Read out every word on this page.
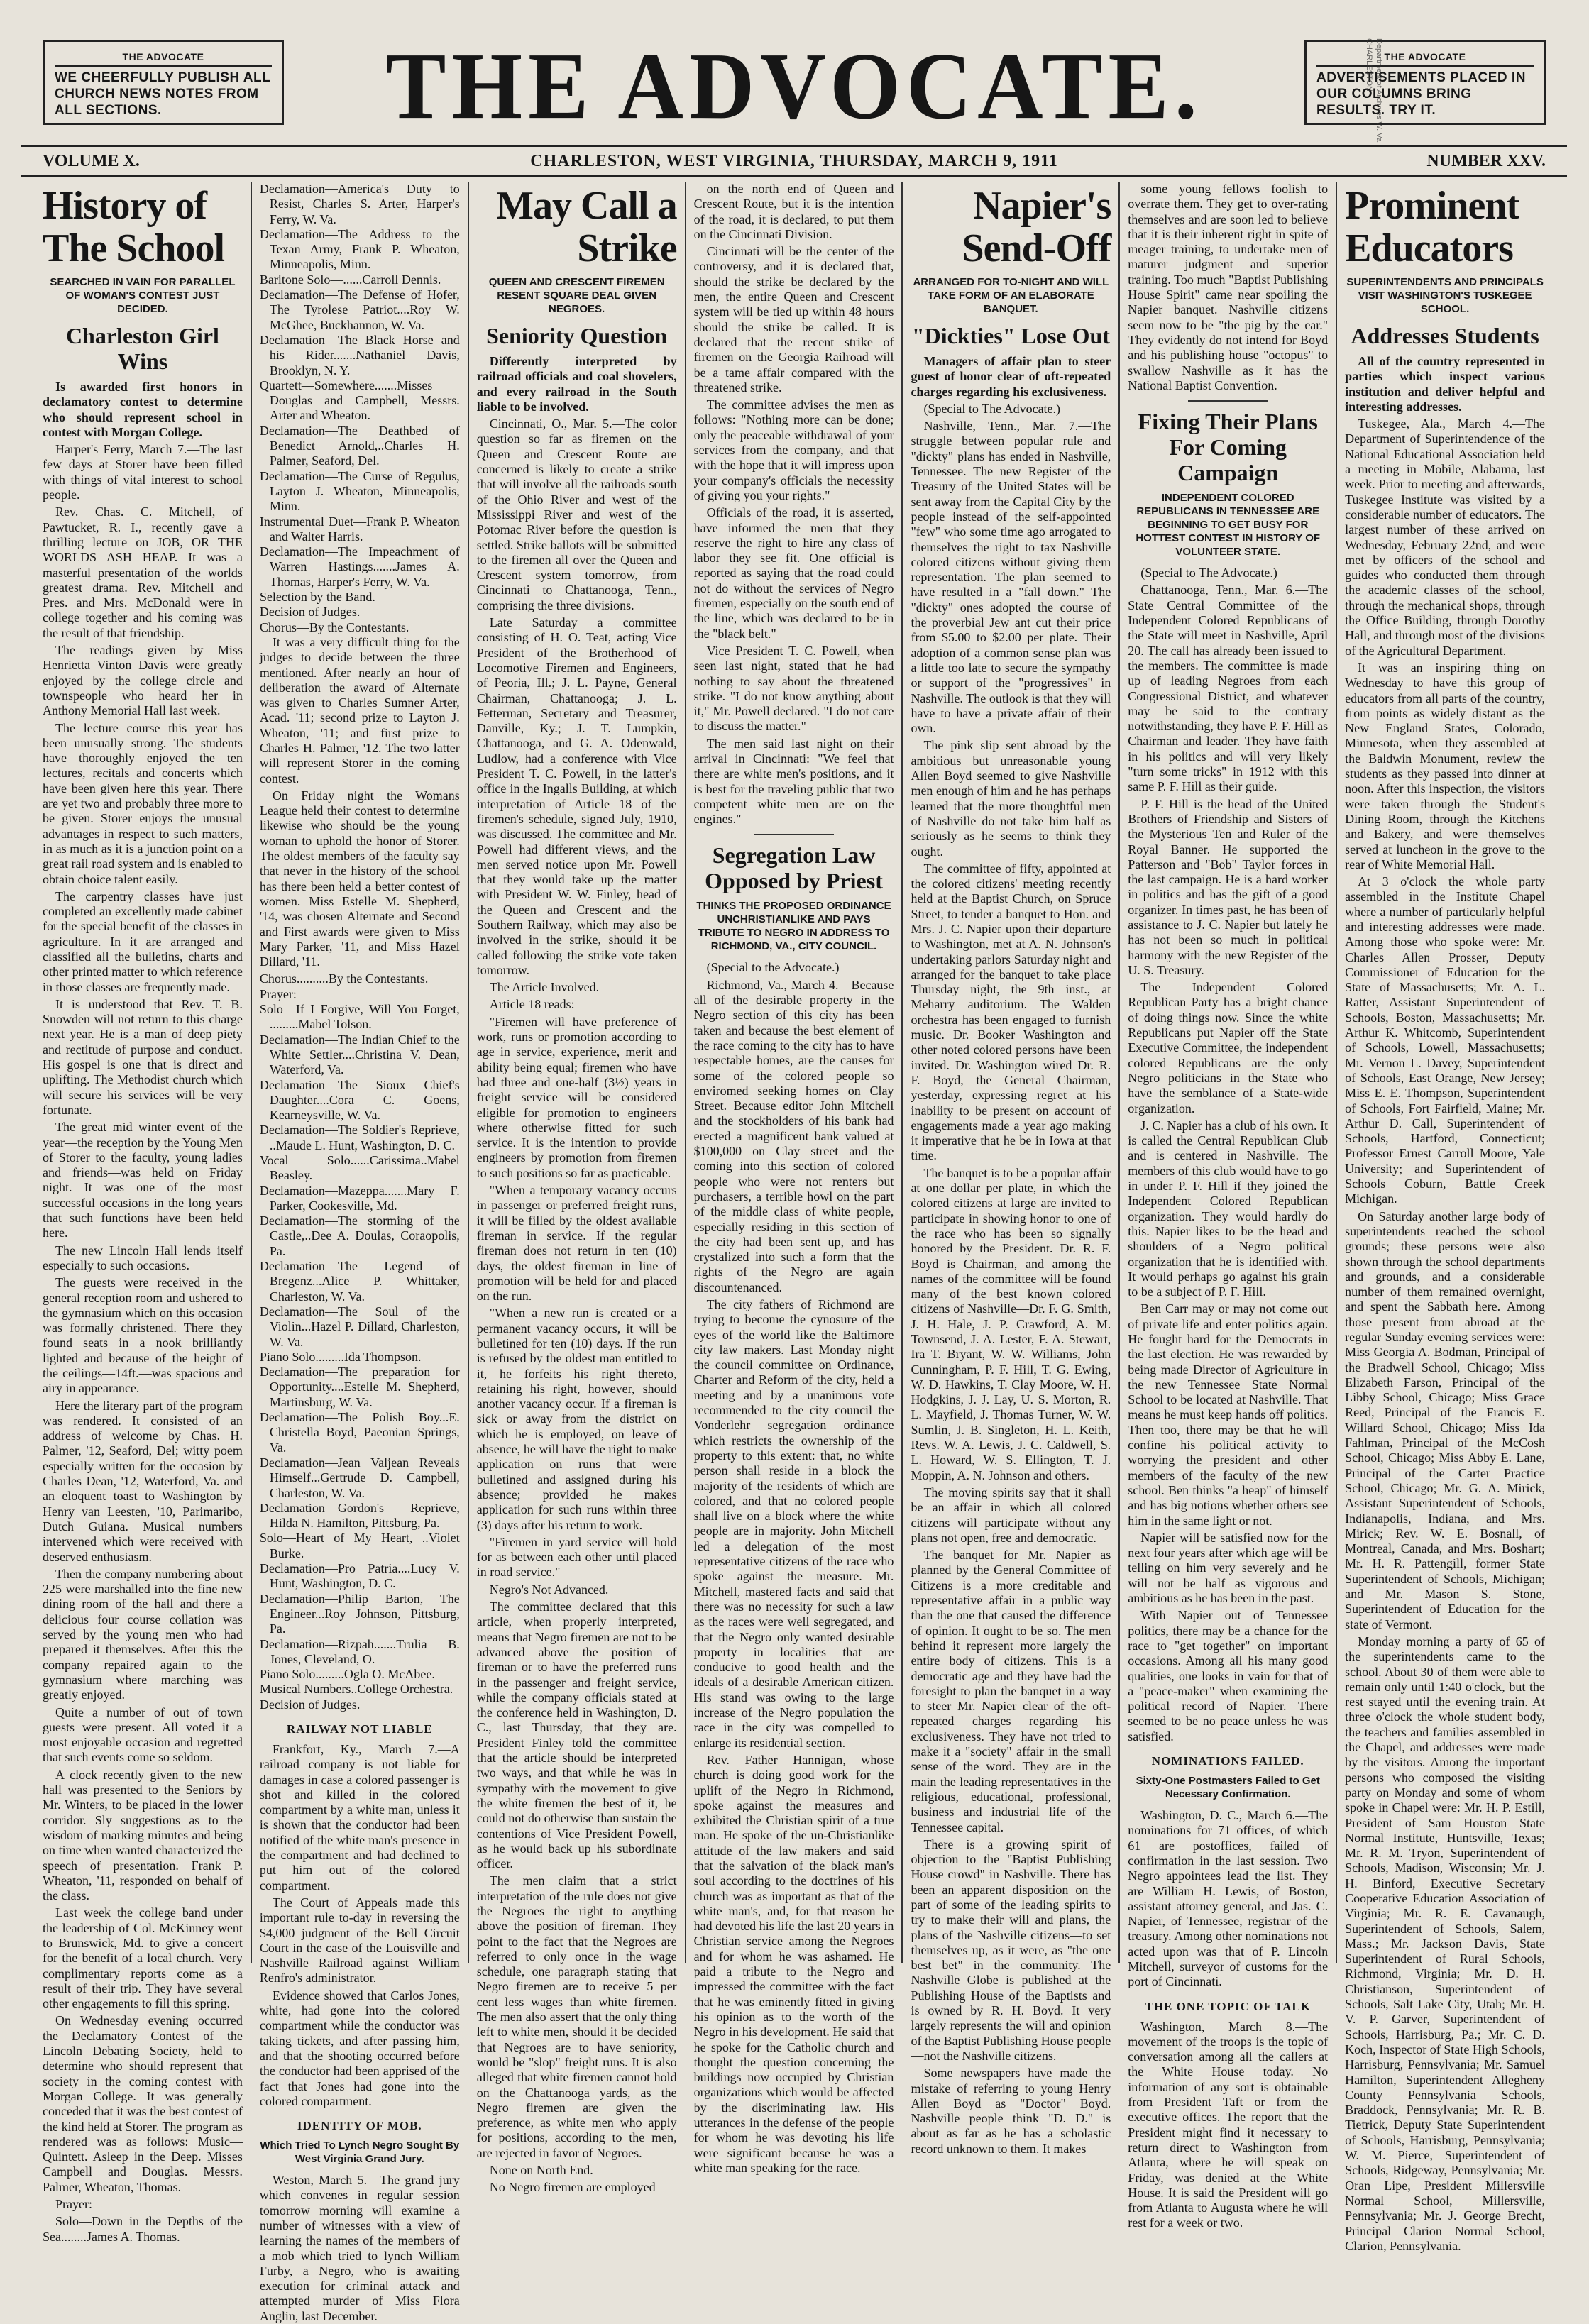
THE ADVOCATE
WE CHEERFULLY PUBLISH ALL CHURCH NEWS NOTES FROM ALL SECTIONS.	THE ADVOCATE.	THE ADVOCATE
ADVERTISEMENTS PLACED IN OUR COLUMNS BRING RESULTS. TRY IT.
Department of Archives W. Va. CHARLESTON
CHARLESTON, WEST VIRGINIA, THURSDAY, MARCH 9, 1911
VOLUME X.	NUMBER XXV.
History of The School
SEARCHED IN VAIN FOR PARALLEL OF WOMAN'S CONTEST JUST DECIDED.
Charleston Girl Wins

Is awarded first honors in declamatory contest to determine who should represent school in contest with Morgan College.

Harper's Ferry, March 7.—The last few days at Storer have been filled with things of vital interest to school people.

Rev. Chas. C. Mitchell, of Pawtucket, R. I., recently gave a thrilling lecture on JOB, OR THE WORLDS ASH HEAP. It was a masterful presentation of the worlds greatest drama. Rev. Mitchell and Pres. and Mrs. McDonald were in college together and his coming was the result of that friendship.

The readings given by Miss Henrietta Vinton Davis were greatly enjoyed by the college circle and townspeople who heard her in Anthony Memorial Hall last week.

The lecture course this year has been unusually strong. The students have thoroughly enjoyed the ten lectures, recitals and concerts which have been given here this year. There are yet two and probably three more to be given. Storer enjoys the unusual advantages in respect to such matters, in as much as it is a junction point on a great rail road system and is enabled to obtain choice talent easily.

The carpentry classes have just completed an excellently made cabinet for the special benefit of the classes in agriculture. In it are arranged and classified all the bulletins, charts and other printed matter to which reference in those classes are frequently made.

It is understood that Rev. T. B. Snowden will not return to this charge next year. He is a man of deep piety and rectitude of purpose and conduct. His gospel is one that is direct and uplifting. The Methodist church which will secure his services will be very fortunate.

The great mid winter event of the year—the reception by the Young Men of Storer to the faculty, young ladies and friends—was held on Friday night. It was one of the most successful occasions in the long years that such functions have been held here.

The new Lincoln Hall lends itself especially to such occasions.

The guests were received in the general reception room and ushered to the gymnasium which on this occasion was formally christened. There they found seats in a nook brilliantly lighted and because of the height of the ceilings—14ft.—was spacious and airy in appearance.

Here the literary part of the program was rendered. It consisted of an address of welcome by Chas. H. Palmer, '12, Seaford, Del; witty poem especially written for the occasion by Charles Dean, '12, Waterford, Va. and an eloquent toast to Washington by Henry van Leesten, '10, Parimaribo, Dutch Guiana. Musical numbers intervened which were received with deserved enthusiasm.

Then the company numbering about 225 were marshalled into the fine new dining room of the hall and there a delicious four course collation was served by the young men who had prepared it themselves. After this the company repaired again to the gymnasium where marching was greatly enjoyed.

Quite a number of out of town guests were present. All voted it a most enjoyable occasion and regretted that such events come so seldom.

A clock recently given to the new hall was presented to the Seniors by Mr. Winters, to be placed in the lower corridor. Sly suggestions as to the wisdom of marking minutes and being on time when wanted characterized the speech of presentation. Frank P. Wheaton, '11, responded on behalf of the class.

Last week the college band under the leadership of Col. McKinney went to Brunswick, Md. to give a concert for the benefit of a local church. Very complimentary reports come as a result of their trip. They have several other engagements to fill this spring.

On Wednesday evening occurred the Declamatory Contest of the Lincoln Debating Society, held to determine who should represent that society in the coming contest with Morgan College. It was generally conceded that it was the best contest of the kind held at Storer. The program as rendered was as follows: Music—Quintett. Asleep in the Deep. Misses Campbell and Douglas. Messrs. Palmer, Wheaton, Thomas.

Prayer:

Solo—Down in the Depths of the Sea........James A. Thomas.

Declamation—America's Duty to Resist, Charles S. Arter, Harper's Ferry, W. Va.

Declamation—The Address to the Texan Army, Frank P. Wheaton, Minneapolis, Minn.

Baritone Solo—......Carroll Dennis.

Declamation—The Defense of Hofer, The Tyrolese Patriot....Roy W. McGhee, Buckhannon, W. Va.

Declamation—The Black Horse and his Rider.......Nathaniel Davis, Brooklyn, N. Y.

Quartett—Somewhere.......Misses Douglas and Campbell, Messrs. Arter and Wheaton.

Declamation—The Deathbed of Benedict Arnold,..Charles H. Palmer, Seaford, Del.

Declamation—The Curse of Regulus, Layton J. Wheaton, Minneapolis, Minn.

Instrumental Duet—Frank P. Wheaton and Walter Harris.

Declamation—The Impeachment of Warren Hastings.......James A. Thomas, Harper's Ferry, W. Va.

Selection by the Band.

Decision of Judges.

Chorus—By the Contestants.

It was a very difficult thing for the judges to decide between the three mentioned. After nearly an hour of deliberation the award of Alternate was given to Charles Sumner Arter, Acad. '11; second prize to Layton J. Wheaton, '11; and first prize to Charles H. Palmer, '12. The two latter will represent Storer in the coming contest.

On Friday night the Womans League held their contest to determine likewise who should be the young woman to uphold the honor of Storer. The oldest members of the faculty say that never in the history of the school has there been held a better contest of women. Miss Estelle M. Shepherd, '14, was chosen Alternate and Second and First awards were given to Miss Mary Parker, '11, and Miss Hazel Dillard, '11.

Chorus..........By the Contestants.

Prayer:

Solo—If I Forgive, Will You Forget, .........Mabel Tolson.

Declamation—The Indian Chief to the White Settler....Christina V. Dean, Waterford, Va.

Declamation—The Sioux Chief's Daughter....Cora C. Goens, Kearneysville, W. Va.

Declamation—The Soldier's Reprieve, ..Maude L. Hunt, Washington, D. C.

Vocal Solo......Carissima..Mabel Beasley.

Declamation—Mazeppa.......Mary F. Parker, Cookesville, Md.

Declamation—The storming of the Castle,..Dee A. Doulas, Coraopolis, Pa.

Declamation—The Legend of Bregenz...Alice P. Whittaker, Charleston, W. Va.

Declamation—The Soul of the Violin...Hazel P. Dillard, Charleston, W. Va.

Piano Solo.........Ida Thompson.

Declamation—The preparation for Opportunity....Estelle M. Shepherd, Martinsburg, W. Va.

Declamation—The Polish Boy...E. Christella Boyd, Paeonian Springs, Va.

Declamation—Jean Valjean Reveals Himself...Gertrude D. Campbell, Charleston, W. Va.

Declamation—Gordon's Reprieve, Hilda N. Hamilton, Pittsburg, Pa.

Solo—Heart of My Heart, ..Violet Burke.

Declamation—Pro Patria....Lucy V. Hunt, Washington, D. C.

Declamation—Philip Barton, The Engineer...Roy Johnson, Pittsburg, Pa.

Declamation—Rizpah.......Trulia B. Jones, Cleveland, O.

Piano Solo.........Ogla O. McAbee.

Musical Numbers..College Orchestra.

Decision of Judges.

RAILWAY NOT LIABLE

Frankfort, Ky., March 7.—A railroad company is not liable for damages in case a colored passenger is shot and killed in the colored compartment by a white man, unless it is shown that the conductor had been notified of the white man's presence in the compartment and had declined to put him out of the colored compartment.

The Court of Appeals made this important rule to-day in reversing the $4,000 judgment of the Bell Circuit Court in the case of the Louisville and Nashville Railroad against William Renfro's administrator.

Evidence showed that Carlos Jones, white, had gone into the colored compartment while the conductor was taking tickets, and after passing him, and that the shooting occurred before the conductor had been apprised of the fact that Jones had gone into the colored compartment.

IDENTITY OF MOB.
Which Tried To Lynch Negro Sought By West Virginia Grand Jury.

Weston, March 5.—The grand jury which convenes in regular session tomorrow morning will examine a number of witnesses with a view of learning the names of the members of a mob which tried to lynch William Furby, a Negro, who is awaiting execution for criminal attack and attempted murder of Miss Flora Anglin, last December.

May Call a Strike
QUEEN AND CRESCENT FIREMEN RESENT SQUARE DEAL GIVEN NEGROES.
Seniority Question

Differently interpreted by railroad officials and coal shovelers, and every railroad in the South liable to be involved.

Cincinnati, O., Mar. 5.—The color question so far as firemen on the Queen and Crescent Route are concerned is likely to create a strike that will involve all the railroads south of the Ohio River and west of the Mississippi River and west of the Potomac River before the question is settled. Strike ballots will be submitted to the firemen all over the Queen and Crescent system tomorrow, from Cincinnati to Chattanooga, Tenn., comprising the three divisions.

Late Saturday a committee consisting of H. O. Teat, acting Vice President of the Brotherhood of Locomotive Firemen and Engineers, of Peoria, Ill.; J. L. Payne, General Chairman, Chattanooga; J. L. Fetterman, Secretary and Treasurer, Danville, Ky.; J. T. Lumpkin, Chattanooga, and G. A. Odenwald, Ludlow, had a conference with Vice President T. C. Powell, in the latter's office in the Ingalls Building, at which interpretation of Article 18 of the firemen's schedule, signed July, 1910, was discussed. The committee and Mr. Powell had different views, and the men served notice upon Mr. Powell that they would take up the matter with President W. W. Finley, head of the Queen and Crescent and the Southern Railway, which may also be involved in the strike, should it be called following the strike vote taken tomorrow.

The Article Involved.

Article 18 reads:

"Firemen will have preference of work, runs or promotion according to age in service, experience, merit and ability being equal; firemen who have had three and one-half (3½) years in freight service will be considered eligible for promotion to engineers where otherwise fitted for such service. It is the intention to provide engineers by promotion from firemen to such positions so far as practicable.

"When a temporary vacancy occurs in passenger or preferred freight runs, it will be filled by the oldest available fireman in service. If the regular fireman does not return in ten (10) days, the oldest fireman in line of promotion will be held for and placed on the run.

"When a new run is created or a permanent vacancy occurs, it will be bulletined for ten (10) days. If the run is refused by the oldest man entitled to it, he forfeits his right thereto, retaining his right, however, should another vacancy occur. If a fireman is sick or away from the district on which he is employed, on leave of absence, he will have the right to make application on runs that were bulletined and assigned during his absence; provided he makes application for such runs within three (3) days after his return to work.

"Firemen in yard service will hold for as between each other until placed in road service."

Negro's Not Advanced.

The committee declared that this article, when properly interpreted, means that Negro firemen are not to be advanced above the position of fireman or to have the preferred runs in the passenger and freight service, while the company officials stated at the conference held in Washington, D. C., last Thursday, that they are. President Finley told the committee that the article should be interpreted two ways, and that while he was in sympathy with the movement to give the white firemen the best of it, he could not do otherwise than sustain the contentions of Vice President Powell, as he would back up his subordinate officer.

The men claim that a strict interpretation of the rule does not give the Negroes the right to anything above the position of fireman. They point to the fact that the Negroes are referred to only once in the wage schedule, one paragraph stating that Negro firemen are to receive 5 per cent less wages than white firemen. The men also assert that the only thing left to white men, should it be decided that Negroes are to have seniority, would be "slop" freight runs. It is also alleged that white firemen cannot hold on the Chattanooga yards, as the Negro firemen are given the preference, as white men who apply for positions, according to the men, are rejected in favor of Negroes.

None on North End.

No Negro firemen are employed

on the north end of Queen and Crescent Route, but it is the intention of the road, it is declared, to put them on the Cincinnati Division.

Cincinnati will be the center of the controversy, and it is declared that, should the strike be declared by the men, the entire Queen and Crescent system will be tied up within 48 hours should the strike be called. It is declared that the recent strike of firemen on the Georgia Railroad will be a tame affair compared with the threatened strike.

The committee advises the men as follows: "Nothing more can be done; only the peaceable withdrawal of your services from the company, and that with the hope that it will impress upon your company's officials the necessity of giving you your rights."

Officials of the road, it is asserted, have informed the men that they reserve the right to hire any class of labor they see fit. One official is reported as saying that the road could not do without the services of Negro firemen, especially on the south end of the line, which was declared to be in the "black belt."

Vice President T. C. Powell, when seen last night, stated that he had nothing to say about the threatened strike. "I do not know anything about it," Mr. Powell declared. "I do not care to discuss the matter."

The men said last night on their arrival in Cincinnati: "We feel that there are white men's positions, and it is best for the traveling public that two competent white men are on the engines."

Segregation Law Opposed by Priest
THINKS THE PROPOSED ORDINANCE UNCHRISTIANLIKE AND PAYS TRIBUTE TO NEGRO IN ADDRESS TO RICHMOND, VA., CITY COUNCIL.

(Special to the Advocate.)

Richmond, Va., March 4.—Because all of the desirable property in the Negro section of this city has been taken and because the best element of the race coming to the city has to have respectable homes, are the causes for some of the colored people so enviromed seeking homes on Clay Street. Because editor John Mitchell and the stockholders of his bank had erected a magnificent bank valued at $100,000 on Clay street and the coming into this section of colored people who were not renters but purchasers, a terrible howl on the part of the middle class of white people, especially residing in this section of the city had been sent up, and has crystalized into such a form that the rights of the Negro are again discountenanced.

The city fathers of Richmond are trying to become the cynosure of the eyes of the world like the Baltimore city law makers. Last Monday night the council committee on Ordinance, Charter and Reform of the city, held a meeting and by a unanimous vote recommended to the city council the Vonderlehr segregation ordinance which restricts the ownership of the property to this extent: that, no white person shall reside in a block the majority of the residents of which are colored, and that no colored people shall live on a block where the white people are in majority. John Mitchell led a delegation of the most representative citizens of the race who spoke against the measure. Mr. Mitchell, mastered facts and said that there was no necessity for such a law as the races were well segregated, and that the Negro only wanted desirable property in localities that are conducive to good health and the ideals of a desirable American citizen. His stand was owing to the large increase of the Negro population the race in the city was compelled to enlarge its residential section.

Rev. Father Hannigan, whose church is doing good work for the uplift of the Negro in Richmond, spoke against the measures and exhibited the Christian spirit of a true man. He spoke of the un-Christianlike attitude of the law makers and said that the salvation of the black man's soul according to the doctrines of his church was as important as that of the white man's, and, for that reason he had devoted his life the last 20 years in Christian service among the Negroes and for whom he was ashamed. He paid a tribute to the Negro and impressed the committee with the fact that he was eminently fitted in giving his opinion as to the worth of the Negro in his development. He said that he spoke for the Catholic church and thought the question concerning the buildings now occupied by Christian organizations which would be affected by the discriminating law. His utterances in the defense of the people for whom he was devoting his life were significant because he was a white man speaking for the race.

Napier's Send-Off
ARRANGED FOR TO-NIGHT AND WILL TAKE FORM OF AN ELABORATE BANQUET.
"Dickties" Lose Out

Managers of affair plan to steer guest of honor clear of oft-repeated charges regarding his exclusiveness.

(Special to The Advocate.)

Nashville, Tenn., Mar. 7.—The struggle between popular rule and "dickty" plans has ended in Nashville, Tennessee. The new Register of the Treasury of the United States will be sent away from the Capital City by the people instead of the self-appointed "few" who some time ago arrogated to themselves the right to tax Nashville colored citizens without giving them representation. The plan seemed to have resulted in a "fall down." The "dickty" ones adopted the course of the proverbial Jew ant cut their price from $5.00 to $2.00 per plate. Their adoption of a common sense plan was a little too late to secure the sympathy or support of the "progressives" in Nashville. The outlook is that they will have to have a private affair of their own.

The pink slip sent abroad by the ambitious but unreasonable young Allen Boyd seemed to give Nashville men enough of him and he has perhaps learned that the more thoughtful men of Nashville do not take him half as seriously as he seems to think they ought.

The committee of fifty, appointed at the colored citizens' meeting recently held at the Baptist Church, on Spruce Street, to tender a banquet to Hon. and Mrs. J. C. Napier upon their departure to Washington, met at A. N. Johnson's undertaking parlors Saturday night and arranged for the banquet to take place Thursday night, the 9th inst., at Meharry auditorium. The Walden orchestra has been engaged to furnish music. Dr. Booker Washington and other noted colored persons have been invited. Dr. Washington wired Dr. R. F. Boyd, the General Chairman, yesterday, expressing regret at his inability to be present on account of engagements made a year ago making it imperative that he be in Iowa at that time.

The banquet is to be a popular affair at one dollar per plate, in which the colored citizens at large are invited to participate in showing honor to one of the race who has been so signally honored by the President. Dr. R. F. Boyd is Chairman, and among the names of the committee will be found many of the best known colored citizens of Nashville—Dr. F. G. Smith, J. H. Hale, J. P. Crawford, A. M. Townsend, J. A. Lester, F. A. Stewart, Ira T. Bryant, W. W. Williams, John Cunningham, P. F. Hill, T. G. Ewing, W. D. Hawkins, T. Clay Moore, W. H. Hodgkins, J. J. Lay, U. S. Morton, R. L. Mayfield, J. Thomas Turner, W. W. Sumlin, J. B. Singleton, H. L. Keith, Revs. W. A. Lewis, J. C. Caldwell, S. L. Howard, W. S. Ellington, T. J. Moppin, A. N. Johnson and others.

The moving spirits say that it shall be an affair in which all colored citizens will participate without any plans not open, free and democratic.

The banquet for Mr. Napier as planned by the General Committee of Citizens is a more creditable and representative affair in a public way than the one that caused the difference of opinion. It ought to be so. The men behind it represent more largely the entire body of citizens. This is a democratic age and they have had the foresight to plan the banquet in a way to steer Mr. Napier clear of the oft-repeated charges regarding his exclusiveness. They have not tried to make it a "society" affair in the small sense of the word. They are in the main the leading representatives in the religious, educational, professional, business and industrial life of the Tennessee capital.

There is a growing spirit of objection to the "Baptist Publishing House crowd" in Nashville. There has been an apparent disposition on the part of some of the leading spirits to try to make their will and plans, the plans of the Nashville citizens—to set themselves up, as it were, as "the one best bet" in the community. The Nashville Globe is published at the Publishing House of the Baptists and is owned by R. H. Boyd. It very largely represents the will and opinion of the Baptist Publishing House people—not the Nashville citizens.

Some newspapers have made the mistake of referring to young Henry Allen Boyd as "Doctor" Boyd. Nashville people think "D. D." is about as far as he has a scholastic record unknown to them. It makes

some young fellows foolish to overrate them. They get to over-rating themselves and are soon led to believe that it is their inherent right in spite of meager training, to undertake men of maturer judgment and superior training. Too much "Baptist Publishing House Spirit" came near spoiling the Napier banquet. Nashville citizens seem now to be "the pig by the ear." They evidently do not intend for Boyd and his publishing house "octopus" to swallow Nashville as it has the National Baptist Convention.

Fixing Their Plans For Coming Campaign
INDEPENDENT COLORED REPUBLICANS IN TENNESSEE ARE BEGINNING TO GET BUSY FOR HOTTEST CONTEST IN HISTORY OF VOLUNTEER STATE.

(Special to The Advocate.)

Chattanooga, Tenn., Mar. 6.—The State Central Committee of the Independent Colored Republicans of the State will meet in Nashville, April 20. The call has already been issued to the members. The committee is made up of leading Negroes from each Congressional District, and whatever may be said to the contrary notwithstanding, they have P. F. Hill as Chairman and leader. They have faith in his politics and will very likely "turn some tricks" in 1912 with this same P. F. Hill as their guide.

P. F. Hill is the head of the United Brothers of Friendship and Sisters of the Mysterious Ten and Ruler of the Royal Banner. He supported the Patterson and "Bob" Taylor forces in the last campaign. He is a hard worker in politics and has the gift of a good organizer. In times past, he has been of assistance to J. C. Napier but lately he has not been so much in political harmony with the new Register of the U. S. Treasury.

The Independent Colored Republican Party has a bright chance of doing things now. Since the white Republicans put Napier off the State Executive Committee, the independent colored Republicans are the only Negro politicians in the State who have the semblance of a State-wide organization.

J. C. Napier has a club of his own. It is called the Central Republican Club and is centered in Nashville. The members of this club would have to go in under P. F. Hill if they joined the Independent Colored Republican organization. They would hardly do this. Napier likes to be the head and shoulders of a Negro political organization that he is identified with. It would perhaps go against his grain to be a subject of P. F. Hill.

Ben Carr may or may not come out of private life and enter politics again. He fought hard for the Democrats in the last election. He was rewarded by being made Director of Agriculture in the new Tennessee State Normal School to be located at Nashville. That means he must keep hands off politics. Then too, there may be that he will confine his political activity to worrying the president and other members of the faculty of the new school. Ben thinks "a heap" of himself and has big notions whether others see him in the same light or not.

Napier will be satisfied now for the next four years after which age will be telling on him very severely and he will not be half as vigorous and ambitious as he has been in the past.

With Napier out of Tennessee politics, there may be a chance for the race to "get together" on important occasions. Among all his many good qualities, one looks in vain for that of a "peace-maker" when examining the political record of Napier. There seemed to be no peace unless he was satisfied.

NOMINATIONS FAILED.
Sixty-One Postmasters Failed to Get Necessary Confirmation.

Washington, D. C., March 6.—The nominations for 71 offices, of which 61 are postoffices, failed of confirmation in the last session. Two Negro appointees lead the list. They are William H. Lewis, of Boston, assistant attorney general, and Jas. C. Napier, of Tennessee, registrar of the treasury. Among other nominations not acted upon was that of P. Lincoln Mitchell, surveyor of customs for the port of Cincinnati.

THE ONE TOPIC OF TALK

Washington, March 8.—The movement of the troops is the topic of conversation among all the callers at the White House today. No information of any sort is obtainable from President Taft or from the executive offices. The report that the President might find it necessary to return direct to Washington from Atlanta, where he will speak on Friday, was denied at the White House. It is said the President will go from Atlanta to Augusta where he will rest for a week or two.

Prominent Educators
SUPERINTENDENTS AND PRINCIPALS VISIT WASHINGTON'S TUSKEGEE SCHOOL.
Addresses Students

All of the country represented in parties which inspect various institution and deliver helpful and interesting addresses.

Tuskegee, Ala., March 4.—The Department of Superintendence of the National Educational Association held a meeting in Mobile, Alabama, last week. Prior to meeting and afterwards, Tuskegee Institute was visited by a considerable number of educators. The largest number of these arrived on Wednesday, February 22nd, and were met by officers of the school and guides who conducted them through the academic classes of the school, through the mechanical shops, through the Office Building, through Dorothy Hall, and through most of the divisions of the Agricultural Department.

It was an inspiring thing on Wednesday to have this group of educators from all parts of the country, from points as widely distant as the New England States, Colorado, Minnesota, when they assembled at the Baldwin Monument, review the students as they passed into dinner at noon. After this inspection, the visitors were taken through the Student's Dining Room, through the Kitchens and Bakery, and were themselves served at luncheon in the grove to the rear of White Memorial Hall.

At 3 o'clock the whole party assembled in the Institute Chapel where a number of particularly helpful and interesting addresses were made. Among those who spoke were: Mr. Charles Allen Prosser, Deputy Commissioner of Education for the State of Massachusetts; Mr. A. L. Ratter, Assistant Superintendent of Schools, Boston, Massachusetts; Mr. Arthur K. Whitcomb, Superintendent of Schools, Lowell, Massachusetts; Mr. Vernon L. Davey, Superintendent of Schools, East Orange, New Jersey; Miss E. E. Thompson, Superintendent of Schools, Fort Fairfield, Maine; Mr. Arthur D. Call, Superintendent of Schools, Hartford, Connecticut; Professor Ernest Carroll Moore, Yale University; and Superintendent of Schools Coburn, Battle Creek Michigan.

On Saturday another large body of superintendents reached the school grounds; these persons were also shown through the school departments and grounds, and a considerable number of them remained overnight, and spent the Sabbath here. Among those present from abroad at the regular Sunday evening services were: Miss Georgia A. Bodman, Principal of the Bradwell School, Chicago; Miss Elizabeth Farson, Principal of the Libby School, Chicago; Miss Grace Reed, Principal of the Francis E. Willard School, Chicago; Miss Ida Fahlman, Principal of the McCosh School, Chicago; Miss Abby E. Lane, Principal of the Carter Practice School, Chicago; Mr. G. A. Mirick, Assistant Superintendent of Schools, Indianapolis, Indiana, and Mrs. Mirick; Rev. W. E. Bosnall, of Montreal, Canada, and Mrs. Boshart; Mr. H. R. Pattengill, former State Superintendent of Schools, Michigan; and Mr. Mason S. Stone, Superintendent of Education for the state of Vermont.

Monday morning a party of 65 of the superintendents came to the school. About 30 of them were able to remain only until 1:40 o'clock, but the rest stayed until the evening train. At three o'clock the whole student body, the teachers and families assembled in the Chapel, and addresses were made by the visitors. Among the important persons who composed the visiting party on Monday and some of whom spoke in Chapel were: Mr. H. P. Estill, President of Sam Houston State Normal Institute, Huntsville, Texas; Mr. R. M. Tryon, Superintendent of Schools, Madison, Wisconsin; Mr. J. H. Binford, Executive Secretary Cooperative Education Association of Virginia; Mr. R. E. Cavanaugh, Superintendent of Schools, Salem, Mass.; Mr. Jackson Davis, State Superintendent of Rural Schools, Richmond, Virginia; Mr. D. H. Christianson, Superintendent of Schools, Salt Lake City, Utah; Mr. H. V. P. Garver, Superintendent of Schools, Harrisburg, Pa.; Mr. C. D. Koch, Inspector of State High Schools, Harrisburg, Pennsylvania; Mr. Samuel Hamilton, Superintendent Allegheny County Pennsylvania Schools, Braddock, Pennsylvania; Mr. R. B. Tietrick, Deputy State Superintendent of Schools, Harrisburg, Pennsylvania; W. M. Pierce, Superintendent of Schools, Ridgeway, Pennsylvania; Mr. Oran Lipe, President Millersville Normal School, Millersville, Pennsylvania; Mr. J. George Brecht, Principal Clarion Normal School, Clarion, Pennsylvania.
